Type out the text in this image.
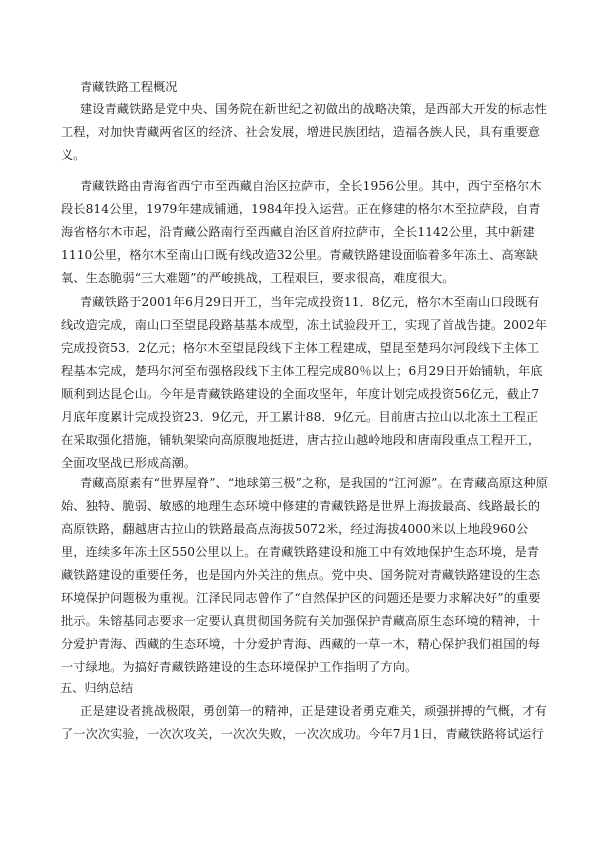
青藏铁路工程概况
建设青藏铁路是党中央、国务院在新世纪之初做出的战略决策，是西部大开发的标志性工程，对加快青藏两省区的经济、社会发展，增进民族团结，造福各族人民，具有重要意义。
青藏铁路由青海省西宁市至西藏自治区拉萨市，全长1956公里。其中，西宁至格尔木段长814公里，1979年建成铺通，1984年投入运营。正在修建的格尔木至拉萨段，自青海省格尔木市起，沿青藏公路南行至西藏自治区首府拉萨市，全长1142公里，其中新建1110公里，格尔木至南山口既有线改造32公里。青藏铁路建设面临着多年冻土、高寒缺氧、生态脆弱“三大难题”的严峻挑战，工程艰巨，要求很高，难度很大。
青藏铁路于2001年6月29日开工，当年完成投资11．8亿元，格尔木至南山口段既有线改造完成，南山口至望昆段路基基本成型，冻土试验段开工，实现了首战告捷。2002年完成投资53．2亿元；格尔木至望昆段线下主体工程建成，望昆至楚玛尔河段线下主体工程基本完成，楚玛尔河至布强格段线下主体工程完成80％以上；6月29日开始铺轨，年底顺利到达昆仑山。今年是青藏铁路建设的全面攻坚年，年度计划完成投资56亿元，截止7月底年度累计完成投资23．9亿元，开工累计88．9亿元。目前唐古拉山以北冻土工程正在采取强化措施，铺轨架梁向高原腹地挺进，唐古拉山越岭地段和唐南段重点工程开工，全面攻坚战已形成高潮。
青藏高原素有“世界屋脊”、“地球第三极”之称，是我国的“江河源”。在青藏高原这种原始、独特、脆弱、敏感的地理生态环境中修建的青藏铁路是世界上海拔最高、线路最长的高原铁路，翻越唐古拉山的铁路最高点海拔5072米，经过海拔4000米以上地段960公里，连续多年冻土区550公里以上。在青藏铁路建设和施工中有效地保护生态环境，是青藏铁路建设的重要任务，也是国内外关注的焦点。党中央、国务院对青藏铁路建设的生态环境保护问题极为重视。江泽民同志曾作了“自然保护区的问题还是要力求解决好”的重要批示。朱镕基同志要求一定要认真贯彻国务院有关加强保护青藏高原生态环境的精神，十分爱护青海、西藏的生态环境，十分爱护青海、西藏的一草一木，精心保护我们祖国的每一寸绿地。为搞好青藏铁路建设的生态环境保护工作指明了方向。
五、归纳总结
正是建设者挑战极限，勇创第一的精神，正是建设者勇克难关，顽强拼搏的气概，才有了一次次实验，一次次攻关，一次次失败，一次次成功。今年7月1日，青藏铁路将试运行
